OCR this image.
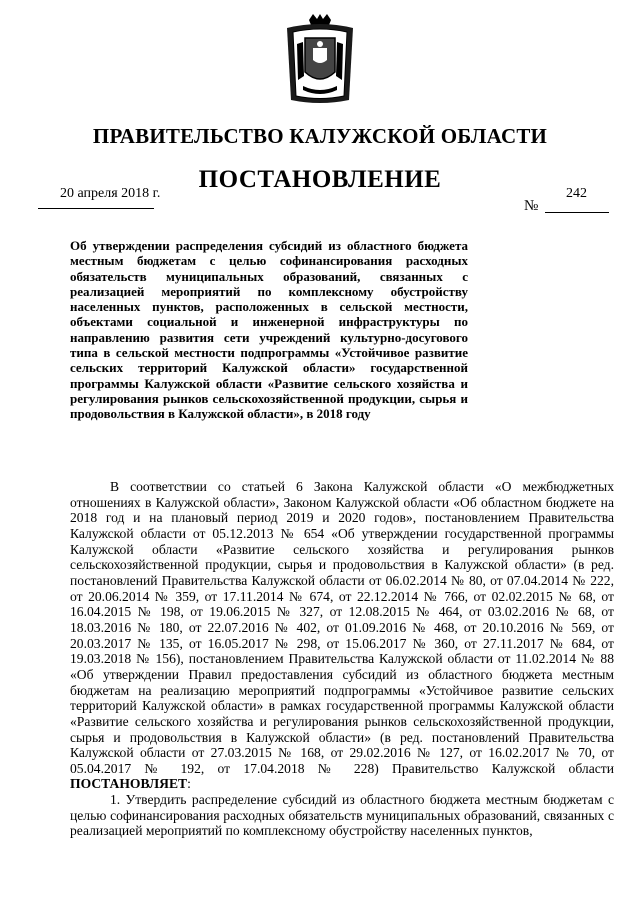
ПРАВИТЕЛЬСТВО КАЛУЖСКОЙ ОБЛАСТИ
ПОСТАНОВЛЕНИЕ
20 апреля 2018 г.	242
№
Об утверждении распределения субсидий из областного бюджета местным бюджетам с целью софинансирования расходных обязательств муниципальных образований, связанных с реализацией мероприятий по комплексному обустройству населенных пунктов, расположенных в сельской местности, объектами социальной и инженерной инфраструктуры по направлению развития сети учреждений культурно-досугового типа в сельской местности подпрограммы «Устойчивое развитие сельских территорий Калужской области» государственной программы Калужской области «Развитие сельского хозяйства и регулирования рынков сельскохозяйственной продукции, сырья и продовольствия в Калужской области», в 2018 году

В соответствии со статьей 6 Закона Калужской области «О межбюджетных отношениях в Калужской области», Законом Калужской области «Об областном бюджете на 2018 год и на плановый период 2019 и 2020 годов», постановлением Правительства Калужской области от 05.12.2013 № 654 «Об утверждении государственной программы Калужской области «Развитие сельского хозяйства и регулирования рынков сельскохозяйственной продукции, сырья и продовольствия в Калужской области» (в ред. постановлений Правительства Калужской области от 06.02.2014 № 80, от 07.04.2014 № 222, от 20.06.2014 № 359, от 17.11.2014 № 674, от 22.12.2014 № 766, от 02.02.2015 № 68, от 16.04.2015 № 198, от 19.06.2015 № 327, от 12.08.2015 № 464, от 03.02.2016 № 68, от 18.03.2016 № 180, от 22.07.2016 № 402, от 01.09.2016 № 468, от 20.10.2016 № 569, от 20.03.2017 № 135, от 16.05.2017 № 298, от 15.06.2017 № 360, от 27.11.2017 № 684, от 19.03.2018 № 156), постановлением Правительства Калужской области от 11.02.2014 № 88 «Об утверждении Правил предоставления субсидий из областного бюджета местным бюджетам на реализацию мероприятий подпрограммы «Устойчивое развитие сельских территорий Калужской области» в рамках государственной программы Калужской области «Развитие сельского хозяйства и регулирования рынков сельскохозяйственной продукции, сырья и продовольствия в Калужской области» (в ред. постановлений Правительства Калужской области от 27.03.2015 № 168, от 29.02.2016 № 127, от 16.02.2017 № 70, от 05.04.2017 № 192, от 17.04.2018 № 228) Правительство Калужской области ПОСТАНОВЛЯЕТ:

1. Утвердить распределение субсидий из областного бюджета местным бюджетам с целью софинансирования расходных обязательств муниципальных образований, связанных с реализацией мероприятий по комплексному обустройству населенных пунктов,
